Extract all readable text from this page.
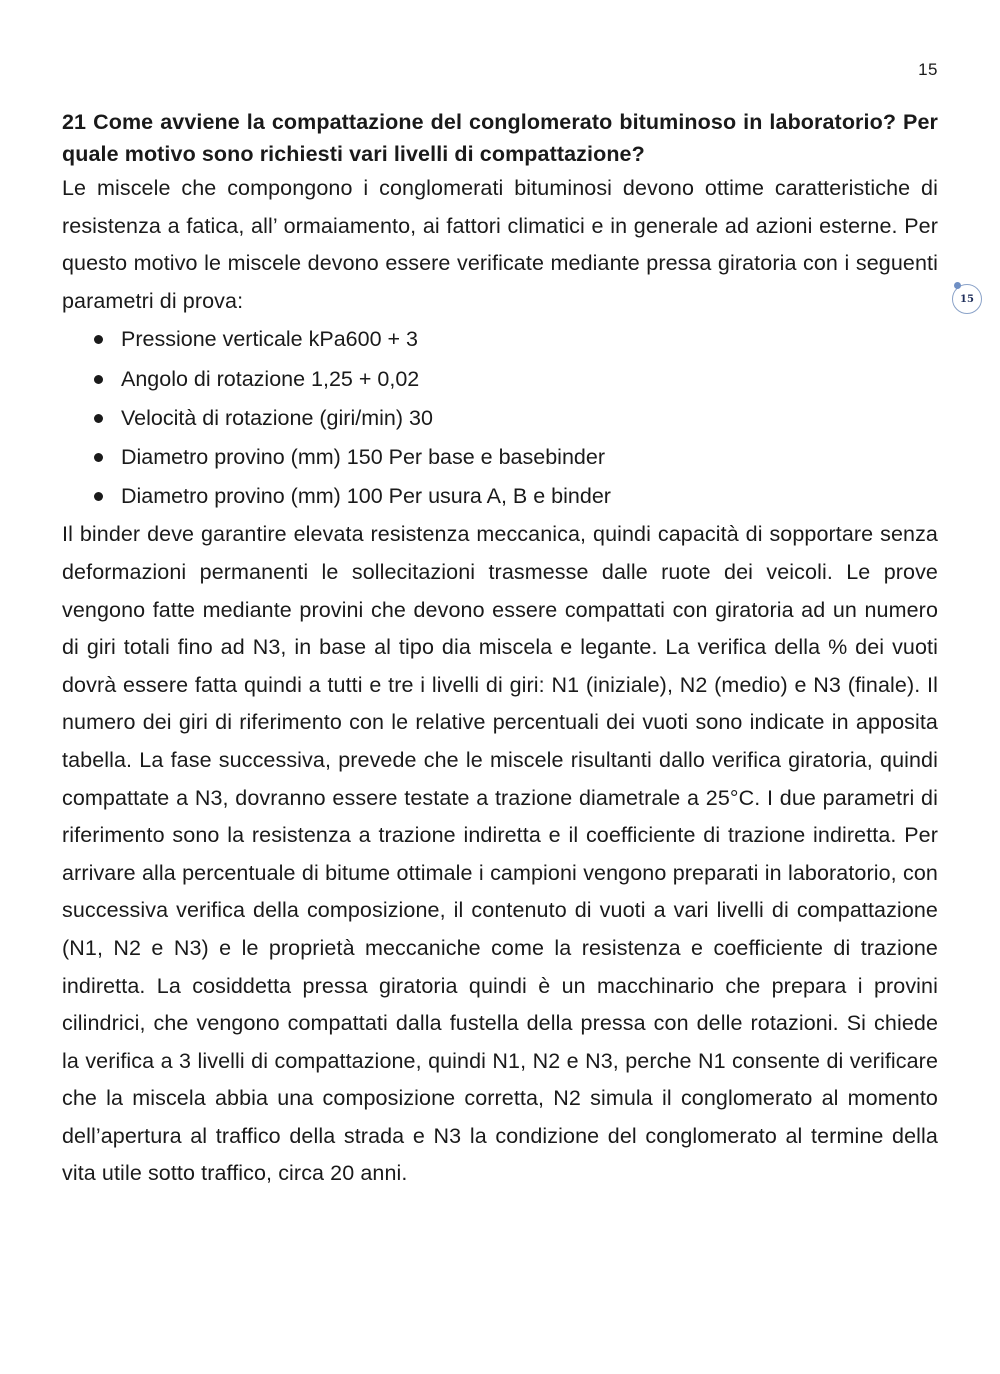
15
15

21 Come avviene la compattazione del conglomerato bituminoso in laboratorio? Per quale motivo sono richiesti vari livelli di compattazione?

Le miscele che compongono i conglomerati bituminosi devono ottime caratteristiche di resistenza a fatica, all’ ormaiamento, ai fattori climatici e in generale ad azioni esterne. Per questo motivo le miscele devono essere verificate mediante pressa giratoria con i seguenti parametri di prova:

Pressione verticale kPa600 + 3
Angolo di rotazione 1,25 + 0,02
Velocità di rotazione (giri/min) 30
Diametro provino (mm) 150 Per base e basebinder
Diametro provino (mm) 100 Per usura A, B e binder

Il binder deve garantire elevata resistenza meccanica, quindi capacità di sopportare senza deformazioni permanenti le sollecitazioni trasmesse dalle ruote dei veicoli. Le prove vengono fatte mediante provini che devono essere compattati con giratoria ad un numero di giri totali fino ad N3, in base al tipo dia miscela e legante. La verifica della % dei vuoti dovrà essere fatta quindi a tutti e tre i livelli di giri: N1 (iniziale), N2 (medio) e N3 (finale). Il numero dei giri di riferimento con le relative percentuali dei vuoti sono indicate in apposita tabella. La fase successiva, prevede che le miscele risultanti dallo verifica giratoria, quindi compattate a N3, dovranno essere testate a trazione diametrale a 25°C. I due parametri di riferimento sono la resistenza a trazione indiretta e il coefficiente di trazione indiretta. Per arrivare alla percentuale di bitume ottimale i campioni vengono preparati in laboratorio, con successiva verifica della composizione, il contenuto di vuoti a vari livelli di compattazione (N1, N2 e N3) e le proprietà meccaniche come la resistenza e coefficiente di trazione indiretta. La cosiddetta pressa giratoria quindi è un macchinario che prepara i provini cilindrici, che vengono compattati dalla fustella della pressa con delle rotazioni. Si chiede la verifica a 3 livelli di compattazione, quindi N1, N2 e N3, perche N1 consente di verificare che la miscela abbia una composizione corretta, N2 simula il conglomerato al momento dell’apertura al traffico della strada e N3 la condizione del conglomerato al termine della vita utile sotto traffico, circa 20 anni.
